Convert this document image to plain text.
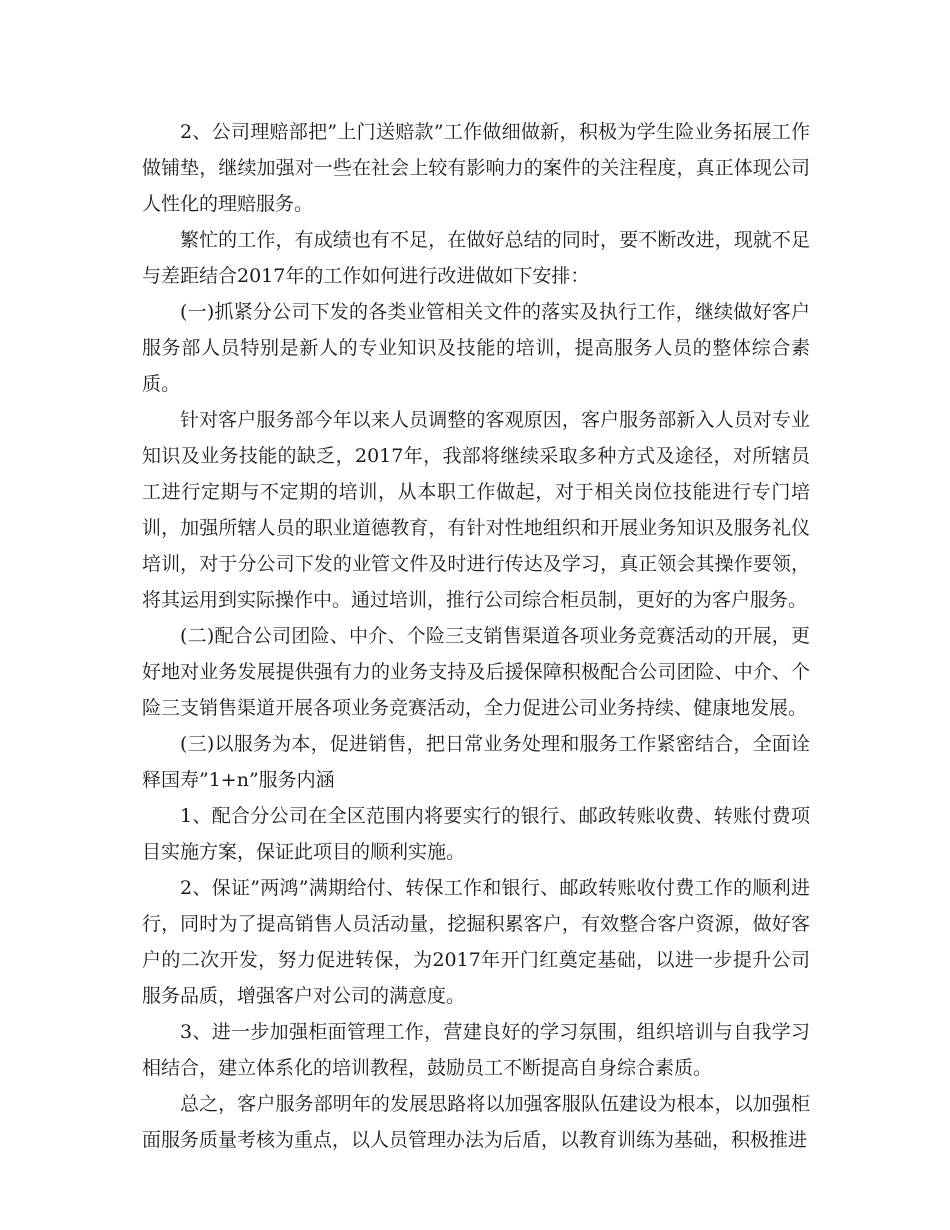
2、公司理赔部把”上门送赔款”工作做细做新，积极为学生险业务拓展工作做铺垫，继续加强对一些在社会上较有影响力的案件的关注程度，真正体现公司人性化的理赔服务。

繁忙的工作，有成绩也有不足，在做好总结的同时，要不断改进，现就不足与差距结合2017年的工作如何进行改进做如下安排：

(一)抓紧分公司下发的各类业管相关文件的落实及执行工作，继续做好客户服务部人员特别是新人的专业知识及技能的培训，提高服务人员的整体综合素质。

针对客户服务部今年以来人员调整的客观原因，客户服务部新入人员对专业知识及业务技能的缺乏，2017年，我部将继续采取多种方式及途径，对所辖员工进行定期与不定期的培训，从本职工作做起，对于相关岗位技能进行专门培训，加强所辖人员的职业道德教育，有针对性地组织和开展业务知识及服务礼仪培训，对于分公司下发的业管文件及时进行传达及学习，真正领会其操作要领，将其运用到实际操作中。通过培训，推行公司综合柜员制，更好的为客户服务。

(二)配合公司团险、中介、个险三支销售渠道各项业务竞赛活动的开展，更好地对业务发展提供强有力的业务支持及后援保障积极配合公司团险、中介、个险三支销售渠道开展各项业务竞赛活动，全力促进公司业务持续、健康地发展。

(三)以服务为本，促进销售，把日常业务处理和服务工作紧密结合，全面诠释国寿”1+n”服务内涵

1、配合分公司在全区范围内将要实行的银行、邮政转账收费、转账付费项目实施方案，保证此项目的顺利实施。

2、保证”两鸿”满期给付、转保工作和银行、邮政转账收付费工作的顺利进行，同时为了提高销售人员活动量，挖掘积累客户，有效整合客户资源，做好客户的二次开发，努力促进转保，为2017年开门红奠定基础，以进一步提升公司服务品质，增强客户对公司的满意度。

3、进一步加强柜面管理工作，营建良好的学习氛围，组织培训与自我学习相结合，建立体系化的培训教程，鼓励员工不断提高自身综合素质。

总之，客户服务部明年的发展思路将以加强客服队伍建设为根本，以加强柜面服务质量考核为重点，以人员管理办法为后盾，以教育训练为基础，积极推进
